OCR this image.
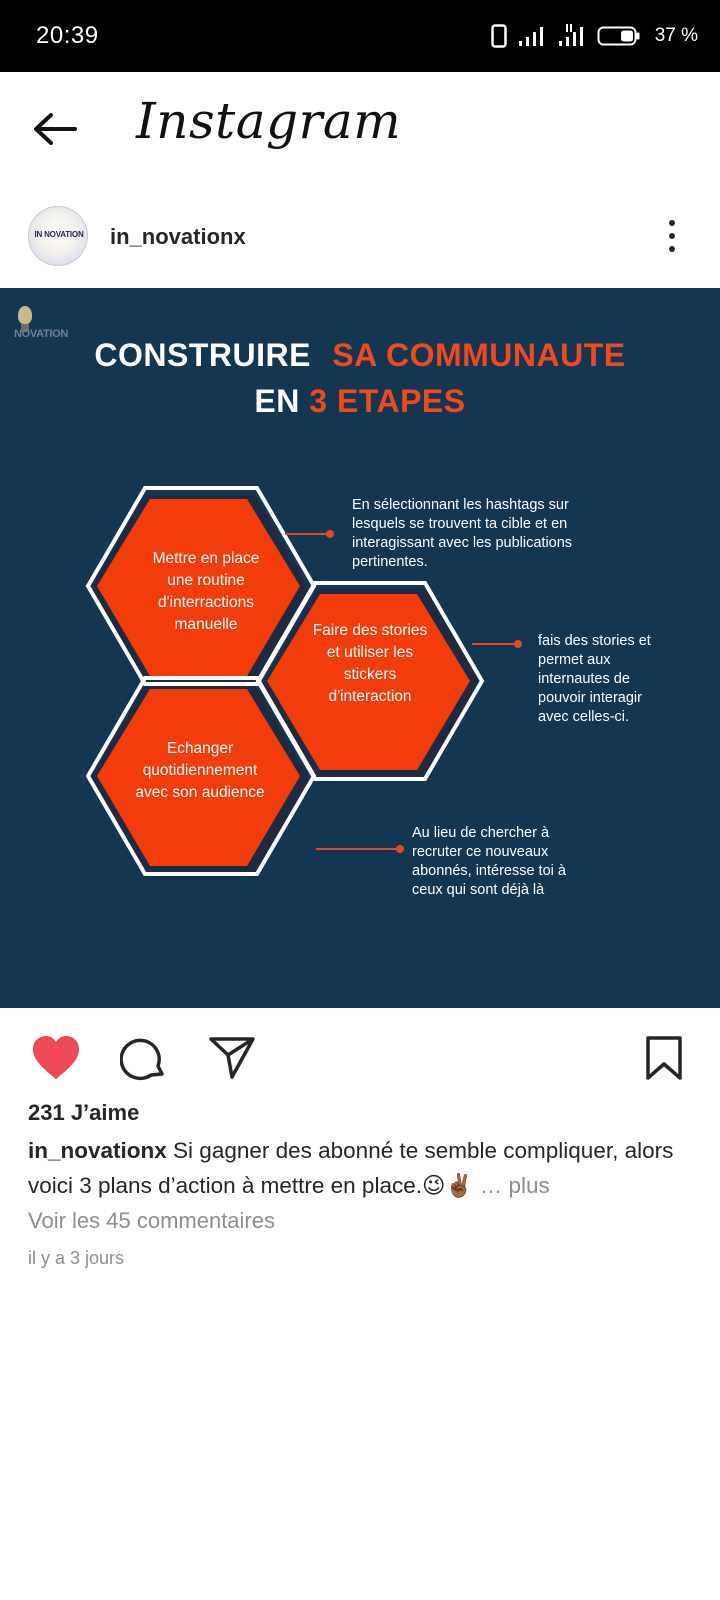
20:39	37 %
Instagram
IN NOVATION in_novationx
NOVATION
CONSTRUIRE SA COMMUNAUTE
EN 3 ETAPES
Mettre en place une routine d'interractions manuelle	Faire des stories et utiliser les stickers d'interaction
Echanger quotidiennement avec son audience
En sélectionnant les hashtags sur lesquels se trouvent ta cible et en interagissant avec les publications pertinentes.
fais des stories et permet aux internautes de pouvoir interagir avec celles-ci.
Au lieu de chercher à recruter ce nouveaux abonnés, intéresse toi à ceux qui sont déjà là
231 J’aime
in_novationx Si gagner des abonné te semble compliquer, alors voici 3 plans d’action à mettre en place.😉✌🏾 … plus
Voir les 45 commentaires
il y a 3 jours
